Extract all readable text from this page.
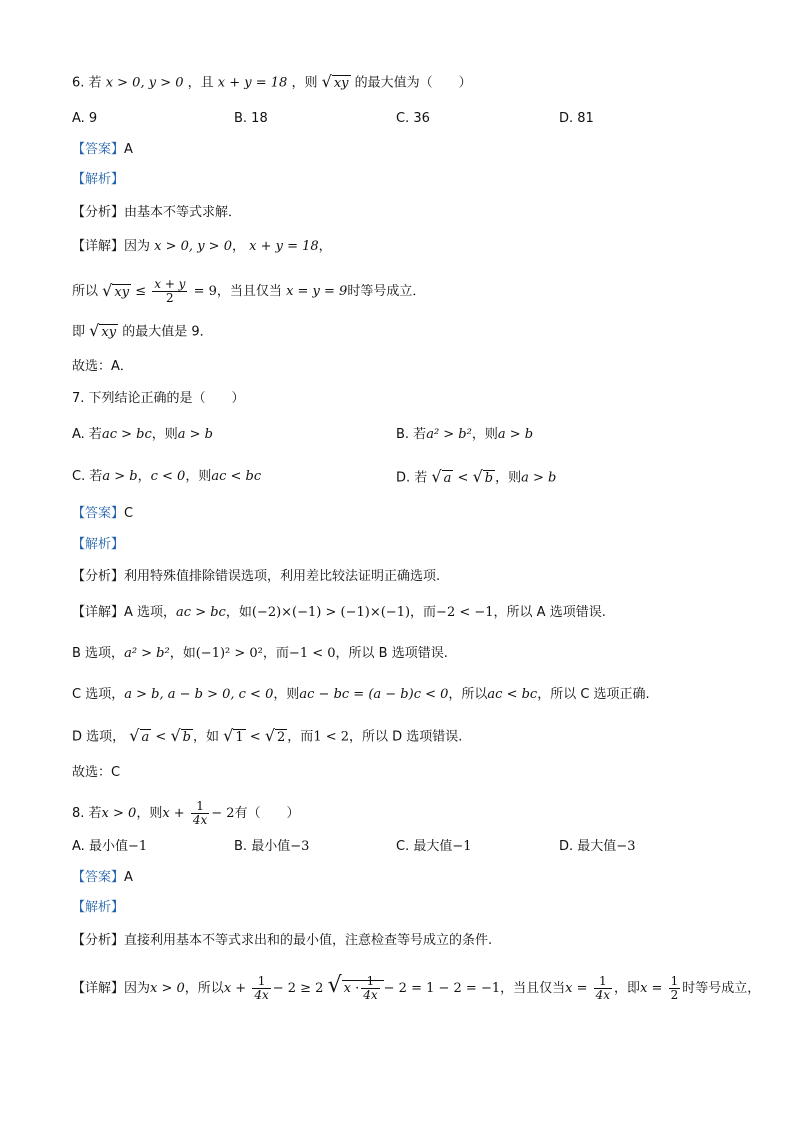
6. 若 x > 0, y > 0 ，且 x + y = 18 ，则 √ xy 的最大值为（　　）
A. 9	B. 18	C. 36	D. 81
【答案】A
【解析】
【分析】由基本不等式求解．
【详解】因为 x > 0, y > 0， x + y = 18，
所以 √ xy ≤ $\frac{x + y}{2} = 9$，当且仅当 x = y = 9时等号成立．
即 √ xy 的最大值是 9．
故选：A．
7. 下列结论正确的是（　　）
A. 若ac > bc，则a > b	B. 若a² > b²，则a > b
C. 若a > b，c < 0，则ac < bc	D. 若 √ a < √ b ，则a > b
【答案】C
【解析】
【分析】利用特殊值排除错误选项，利用差比较法证明正确选项.
【详解】A 选项，ac > bc，如(−2)×(−1) > (−1)×(−1)，而−2 < −1，所以 A 选项错误.
B 选项，a² > b²，如(−1)² > 0²，而−1 < 0，所以 B 选项错误.
C 选项，a > b, a − b > 0, c < 0，则ac − bc = (a − b)c < 0，所以ac < bc，所以 C 选项正确.
D 选项， √ a < √ b ，如 √ 1 < √ 2 ，而1 < 2，所以 D 选项错误.
故选：C
8. 若x > 0，则$x + \frac{1}{4x} - 2$有（　　）
A. 最小值−1	B. 最小值−3	C. 最大值−1	D. 最大值−3
【答案】A
【解析】
【分析】直接利用基本不等式求出和的最小值，注意检查等号成立的条件.
【详解】因为x > 0，所以$x + \frac{1}{4x} - 2 \ge 2$ √ $x \cdot \frac{1}{4x} - 2 = 1 - 2 = -1$，当且仅当$x = \frac{1}{4x}$ ，即$x = \frac{1}{2}$ 时等号成立，
